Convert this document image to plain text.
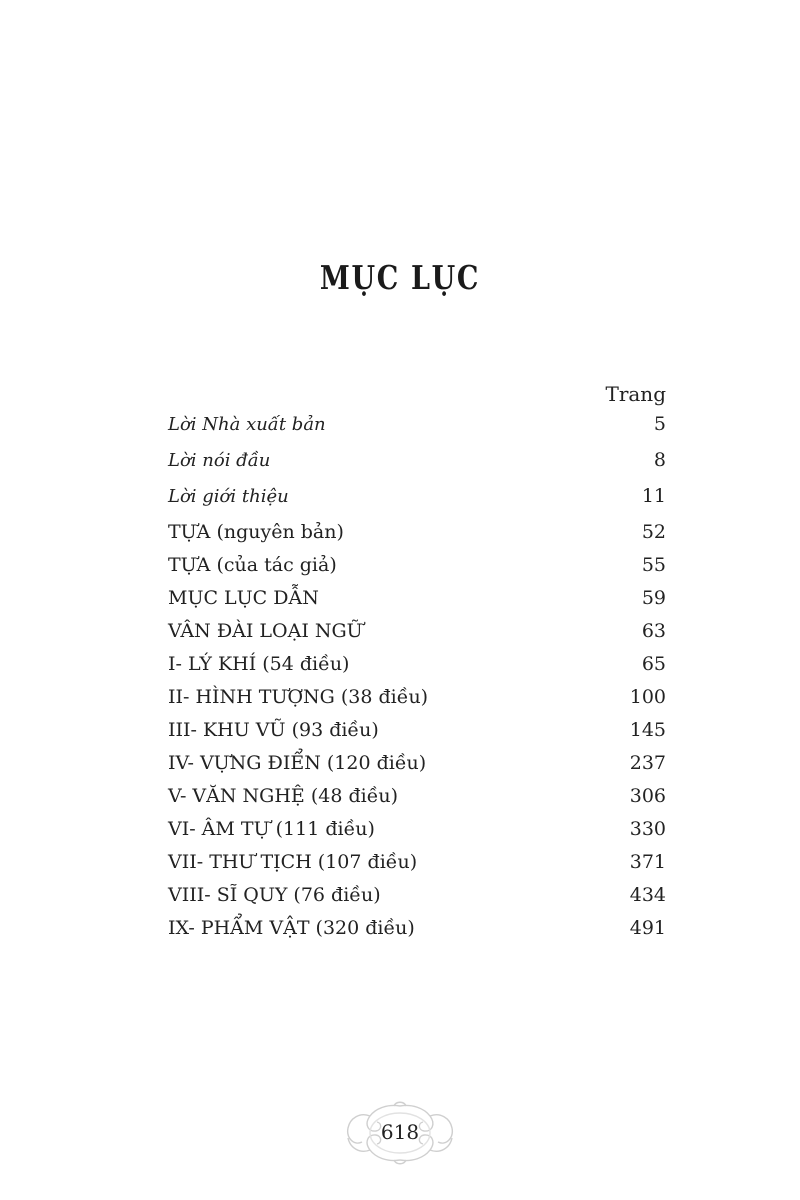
MỤC LỤC
Trang
Lời Nhà xuất bản	5
Lời nói đầu	8
Lời giới thiệu	11
TỰA (nguyên bản)	52
TỰA (của tác giả)	55
MỤC LỤC DẪN	59
VÂN ĐÀI LOẠI NGỮ	63
I- LÝ KHÍ (54 điều)	65
II- HÌNH TƯỢNG (38 điều)	100
III- KHU VŨ (93 điều)	145
IV- VỰNG ĐIỂN (120 điều)	237
V- VĂN NGHỆ (48 điều)	306
VI- ÂM TỰ (111 điều)	330
VII- THƯ TỊCH (107 điều)	371
VIII- SĨ QUY (76 điều)	434
IX- PHẨM VẬT (320 điều)	491
618
